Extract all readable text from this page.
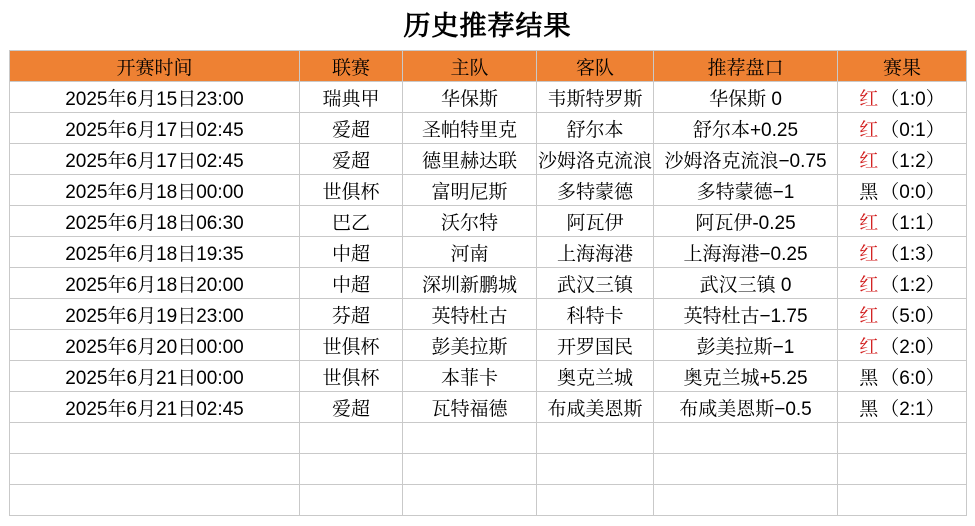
历史推荐结果
开赛时间	联赛	主队	客队	推荐盘口	赛果
2025年6月15日23:00	瑞典甲	华保斯	韦斯特罗斯	华保斯 0	红 （1:0）

2025年6月17日02:45	爱超	圣帕特里克	舒尔本	舒尔本+0.25	红 （0:1）

2025年6月17日02:45	爱超	德里赫达联	沙姆洛克流浪	沙姆洛克流浪−0.75	红 （1:2）

2025年6月18日00:00	世俱杯	富明尼斯	多特蒙德	多特蒙德−1	黑 （0:0）

2025年6月18日06:30	巴乙	沃尔特	阿瓦伊	阿瓦伊-0.25	红 （1:1）

2025年6月18日19:35	中超	河南	上海海港	上海海港−0.25	红 （1:3）

2025年6月18日20:00	中超	深圳新鹏城	武汉三镇	武汉三镇 0	红 （1:2）

2025年6月19日23:00	芬超	英特杜古	科特卡	英特杜古−1.75	红 （5:0）

2025年6月20日00:00	世俱杯	彭美拉斯	开罗国民	彭美拉斯−1	红 （2:0）

2025年6月21日00:00	世俱杯	本菲卡	奥克兰城	奥克兰城+5.25	黑 （6:0）

2025年6月21日02:45	爱超	瓦特福德	布咸美恩斯	布咸美恩斯−0.5	黑 （2:1）
